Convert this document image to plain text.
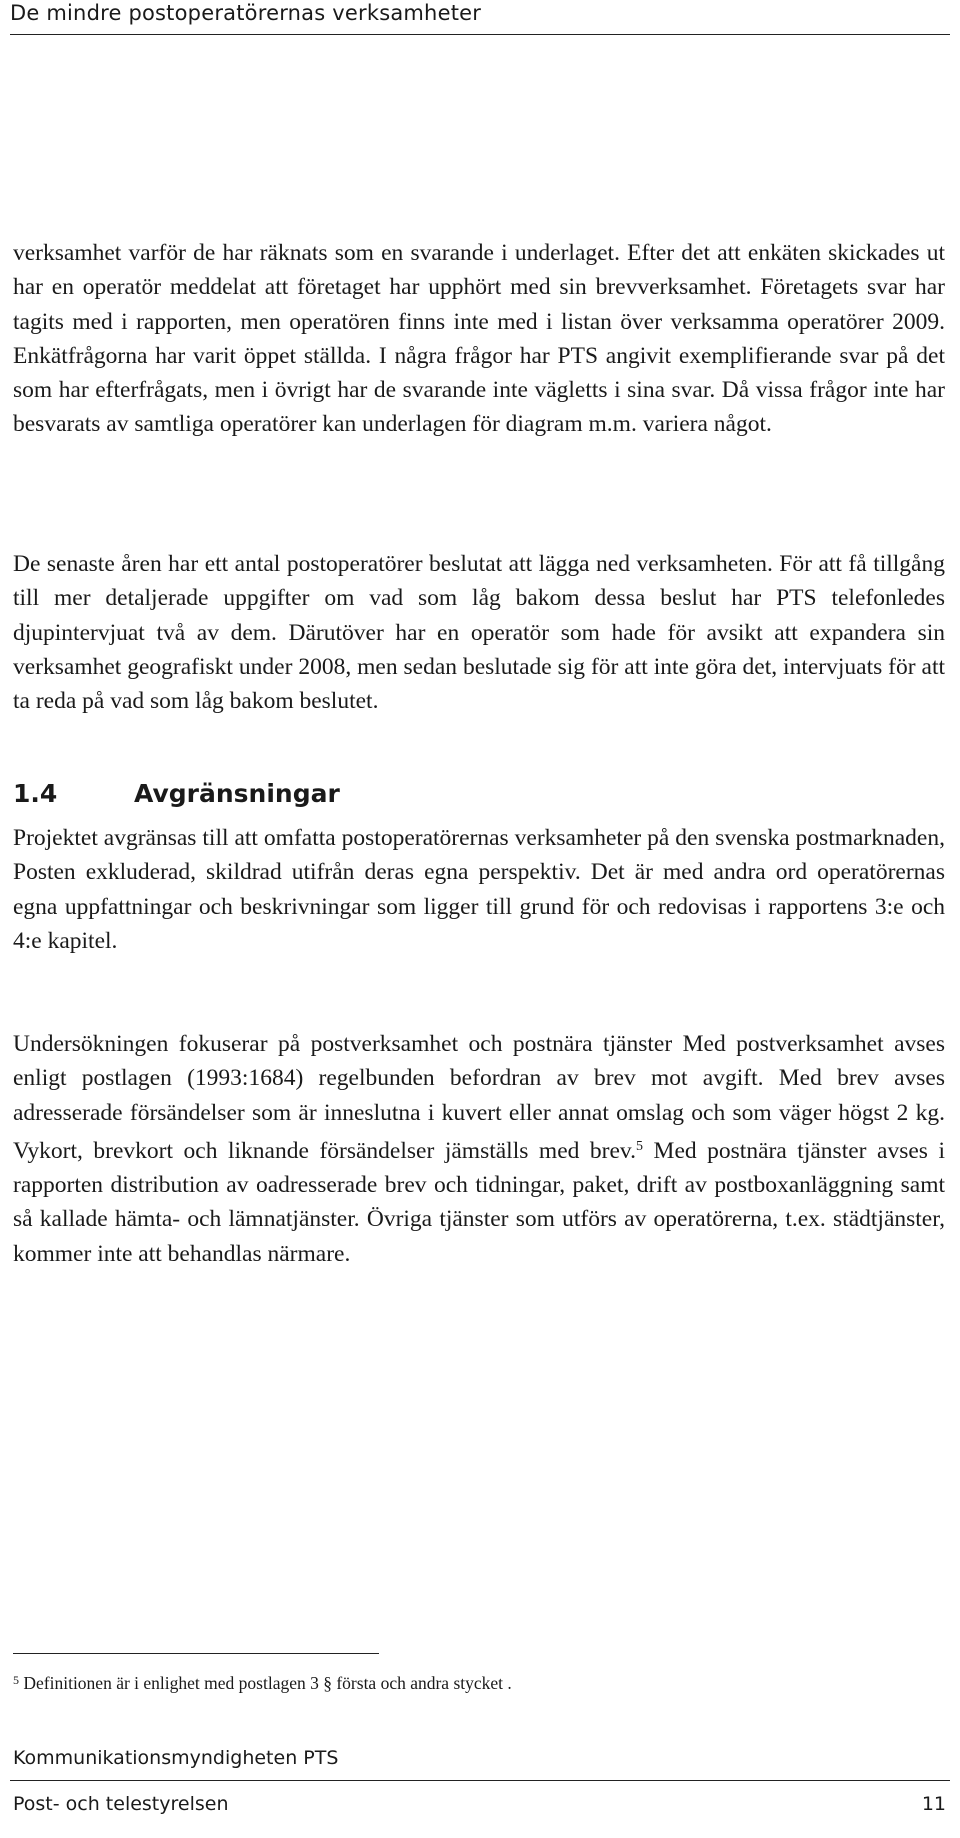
De mindre postoperatörernas verksamheter

verksamhet varför de har räknats som en svarande i underlaget. Efter det att enkäten skickades ut har en operatör meddelat att företaget har upphört med sin brevverksamhet. Företagets svar har tagits med i rapporten, men operatören finns inte med i listan över verksamma operatörer 2009. Enkätfrågorna har varit öppet ställda. I några frågor har PTS angivit exemplifierande svar på det som har efterfrågats, men i övrigt har de svarande inte vägletts i sina svar. Då vissa frågor inte har besvarats av samtliga operatörer kan underlagen för diagram m.m. variera något.

De senaste åren har ett antal postoperatörer beslutat att lägga ned verksamheten. För att få tillgång till mer detaljerade uppgifter om vad som låg bakom dessa beslut har PTS telefonledes djupintervjuat två av dem. Därutöver har en operatör som hade för avsikt att expandera sin verksamhet geografiskt under 2008, men sedan beslutade sig för att inte göra det, intervjuats för att ta reda på vad som låg bakom beslutet.

1.4	Avgränsningar

Projektet avgränsas till att omfatta postoperatörernas verksamheter på den svenska postmarknaden, Posten exkluderad, skildrad utifrån deras egna perspektiv. Det är med andra ord operatörernas egna uppfattningar och beskrivningar som ligger till grund för och redovisas i rapportens 3:e och 4:e kapitel.

Undersökningen fokuserar på postverksamhet och postnära tjänster Med postverksamhet avses enligt postlagen (1993:1684) regelbunden befordran av brev mot avgift. Med brev avses adresserade försändelser som är inneslutna i kuvert eller annat omslag och som väger högst 2 kg. Vykort, brevkort och liknande försändelser jämställs med brev.$^5$ Med postnära tjänster avses i rapporten distribution av oadresserade brev och tidningar, paket, drift av postboxanläggning samt så kallade hämta- och lämnatjänster. Övriga tjänster som utförs av operatörerna, t.ex. städtjänster, kommer inte att behandlas närmare.

$^5$ Definitionen är i enlighet med postlagen 3 § första och andra stycket .
Kommunikationsmyndigheten PTS
Post- och telestyrelsen	11
